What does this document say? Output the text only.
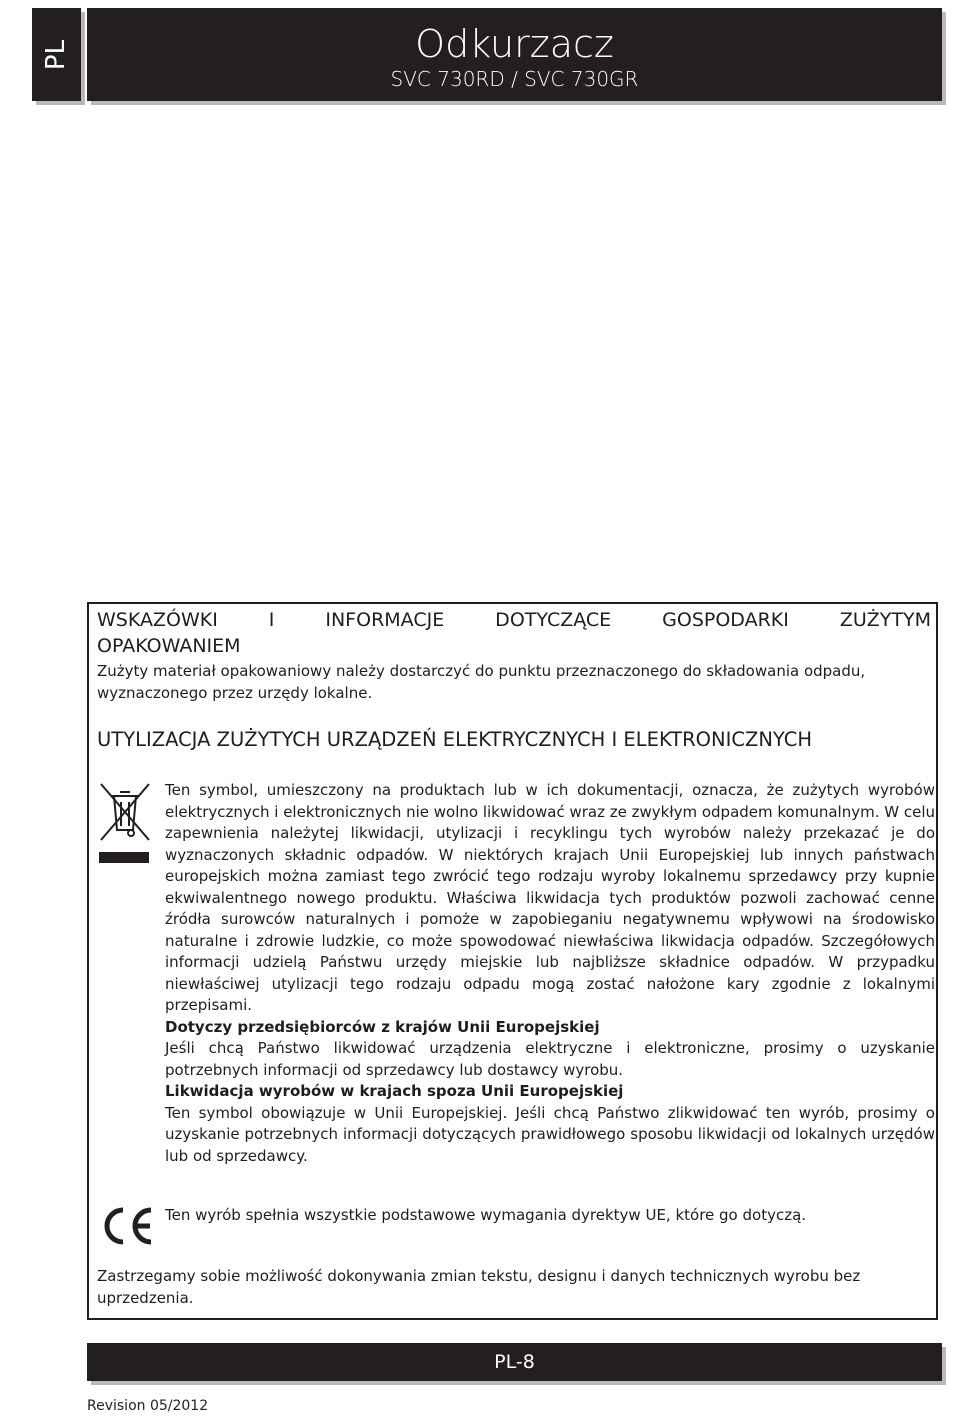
PL	Odkurzacz
SVC 730RD / SVC 730GR
WSKAZÓWKI I INFORMACJE DOTYCZĄCE GOSPODARKI ZUŻYTYM
OPAKOWANIEM
Zużyty materiał opakowaniowy należy dostarczyć do punktu przeznaczonego do składowania odpadu, wyznaczonego przez urzędy lokalne.
UTYLIZACJA ZUŻYTYCH URZĄDZEŃ ELEKTRYCZNYCH I ELEKTRONICZNYCH
Ten symbol, umieszczony na produktach lub w ich dokumentacji, oznacza, że zużytych wyrobów elektrycznych i elektronicznych nie wolno likwidować wraz ze zwykłym odpadem komunalnym. W celu zapewnienia należytej likwidacji, utylizacji i recyklingu tych wyrobów należy przekazać je do wyznaczonych składnic odpadów. W niektórych krajach Unii Europejskiej lub innych państwach europejskich można zamiast tego zwrócić tego rodzaju wyroby lokalnemu sprzedawcy przy kupnie ekwiwalentnego nowego produktu. Właściwa likwidacja tych produktów pozwoli zachować cenne źródła surowców naturalnych i pomoże w zapobieganiu negatywnemu wpływowi na środowisko naturalne i zdrowie ludzkie, co może spowodować niewłaściwa likwidacja odpadów. Szczegółowych informacji udzielą Państwu urzędy miejskie lub najbliższe składnice odpadów. W przypadku niewłaściwej utylizacji tego rodzaju odpadu mogą zostać nałożone kary zgodnie z lokalnymi przepisami.
Dotyczy przedsiębiorców z krajów Unii Europejskiej
Jeśli chcą Państwo likwidować urządzenia elektryczne i elektroniczne, prosimy o uzyskanie potrzebnych informacji od sprzedawcy lub dostawcy wyrobu.
Likwidacja wyrobów w krajach spoza Unii Europejskiej
Ten symbol obowiązuje w Unii Europejskiej. Jeśli chcą Państwo zlikwidować ten wyrób, prosimy o uzyskanie potrzebnych informacji dotyczących prawidłowego sposobu likwidacji od lokalnych urzędów lub od sprzedawcy.
Ten wyrób spełnia wszystkie podstawowe wymagania dyrektyw UE, które go dotyczą.
Zastrzegamy sobie możliwość dokonywania zmian tekstu, designu i danych technicznych wyrobu bez uprzedzenia.
PL-8
Revision 05/2012
